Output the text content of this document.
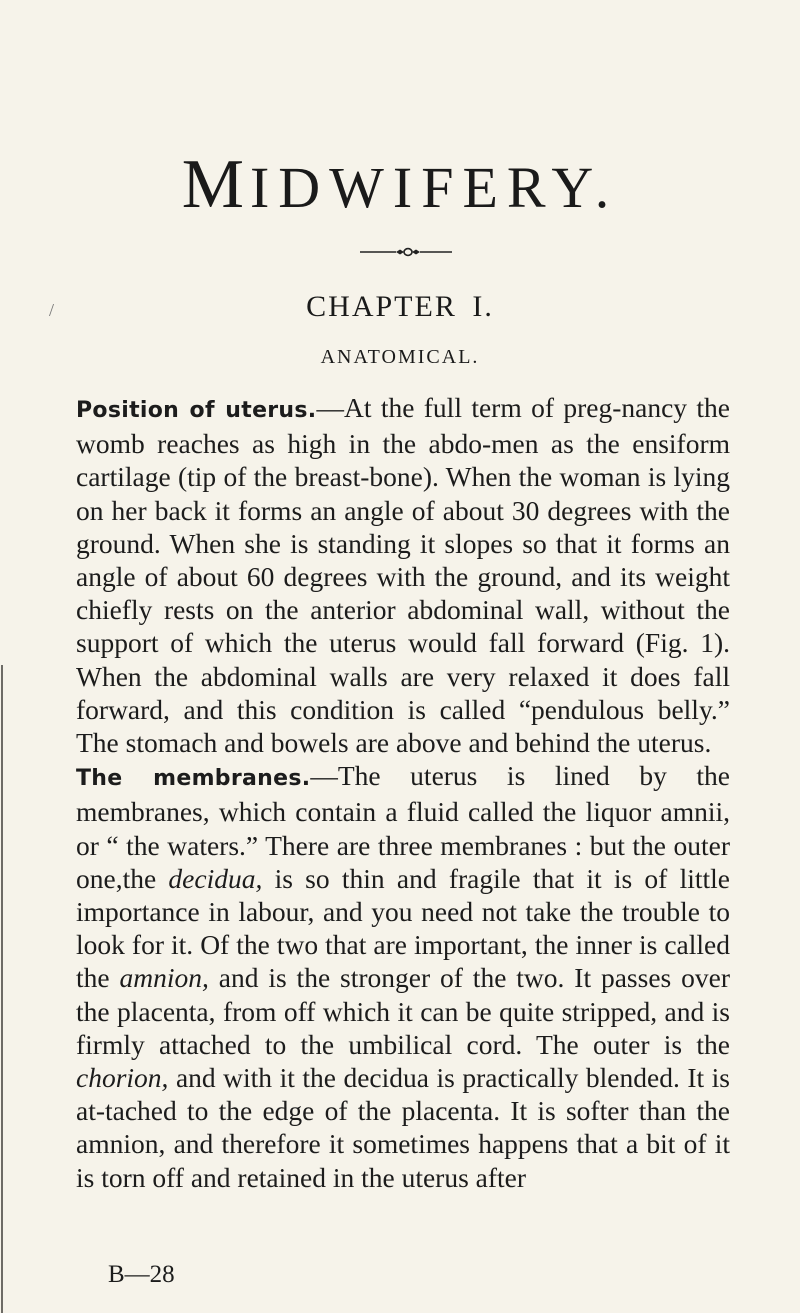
/
MIDWIFERY.
CHAPTER I.
ANATOMICAL.

Position of uterus.—At the full term of preg-nancy the womb reaches as high in the abdo-men as the ensiform cartilage (tip of the breast-bone). When the woman is lying on her back it forms an angle of about 30 degrees with the ground. When she is standing it slopes so that it forms an angle of about 60 degrees with the ground, and its weight chiefly rests on the anterior abdominal wall, without the support of which the uterus would fall forward (Fig. 1). When the abdominal walls are very relaxed it does fall forward, and this condition is called “pendulous belly.” The stomach and bowels are above and behind the uterus.

The membranes.—The uterus is lined by the membranes, which contain a fluid called the liquor amnii, or “ the waters.” There are three membranes : but the outer one,the decidua, is so thin and fragile that it is of little importance in labour, and you need not take the trouble to look for it. Of the two that are important, the inner is called the amnion, and is the stronger of the two. It passes over the placenta, from off which it can be quite stripped, and is firmly attached to the umbilical cord. The outer is the chorion, and with it the decidua is practically blended. It is at-tached to the edge of the placenta. It is softer than the amnion, and therefore it sometimes happens that a bit of it is torn off and retained in the uterus after

B—28
